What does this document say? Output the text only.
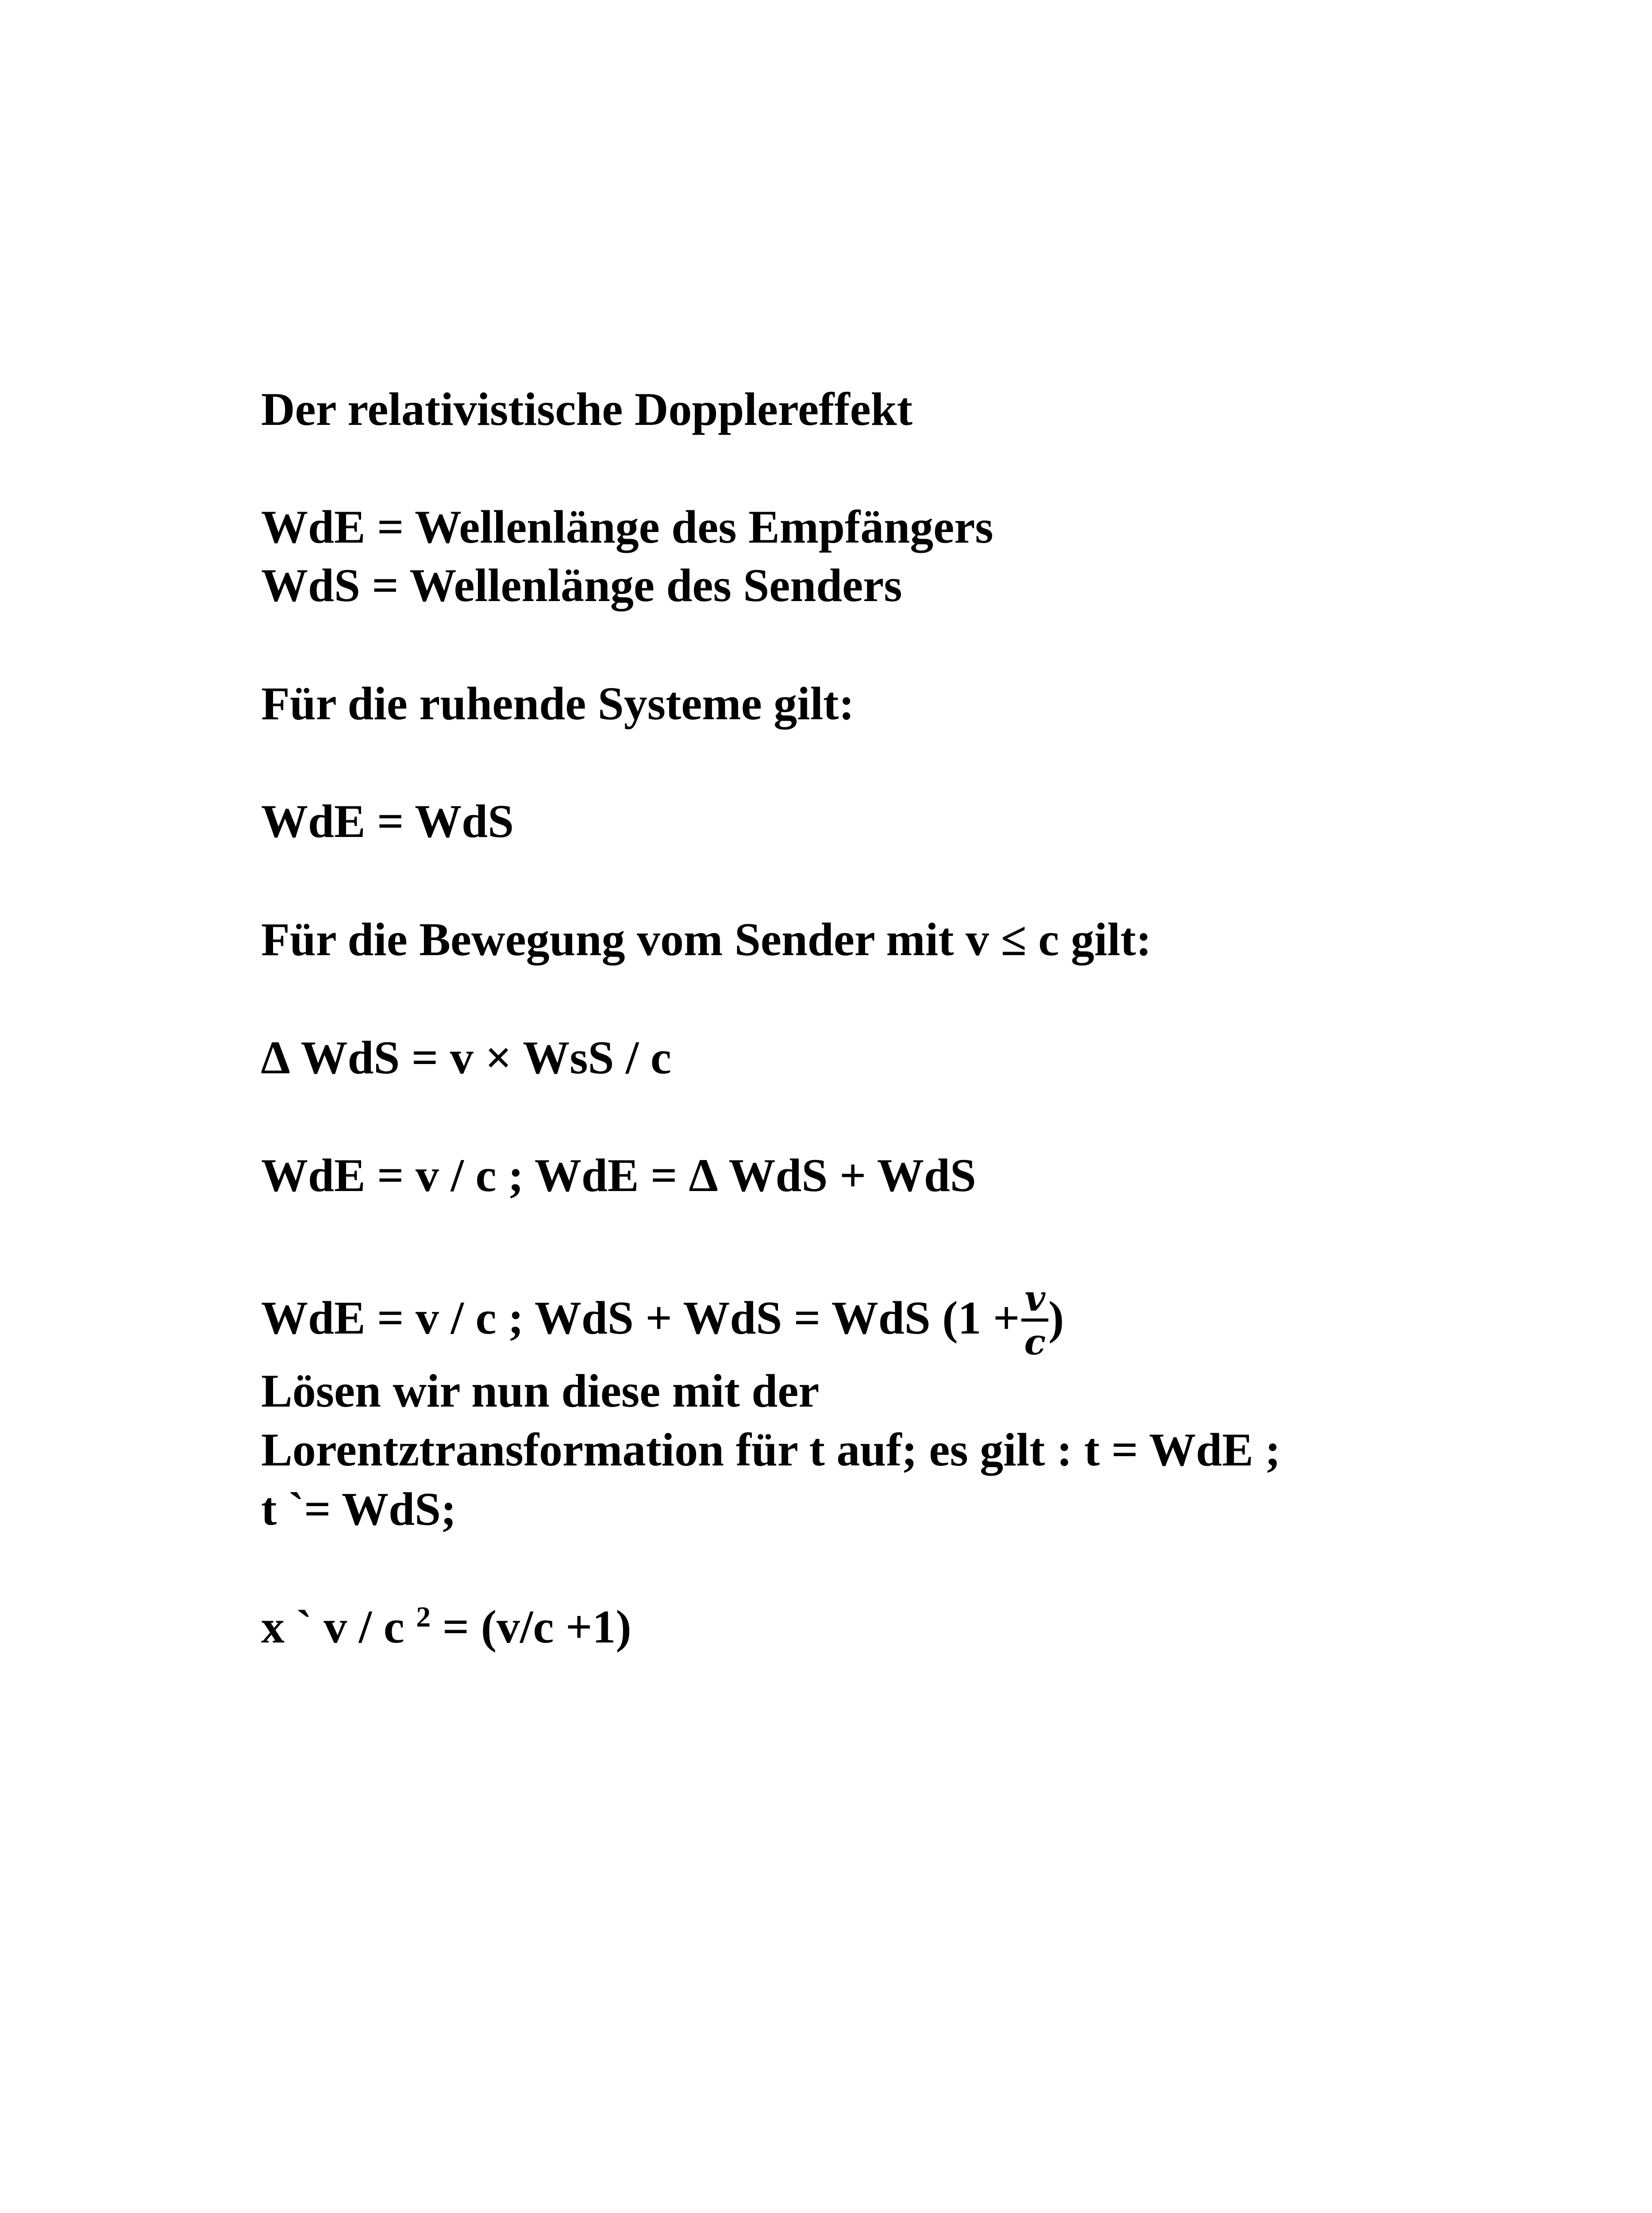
Der relativistische Dopplereffekt
WdE = Wellenlänge des Empfängers
WdS = Wellenlänge des Senders
Für die ruhende Systeme gilt:
WdE = WdS
Für die Bewegung vom Sender mit v ≤ c gilt:
∆ WdS = v × WsS / c
WdE = v / c ; WdE = ∆ WdS + WdS
WdE = v / c ; WdS + WdS = WdS ($1 + \frac{v}{c}$ )
Lösen wir nun diese mit der
Lorentztransformation für t auf; es gilt : t = WdE ;
t `= WdS;
x ` v / c $^2$ = (v/c +1)
